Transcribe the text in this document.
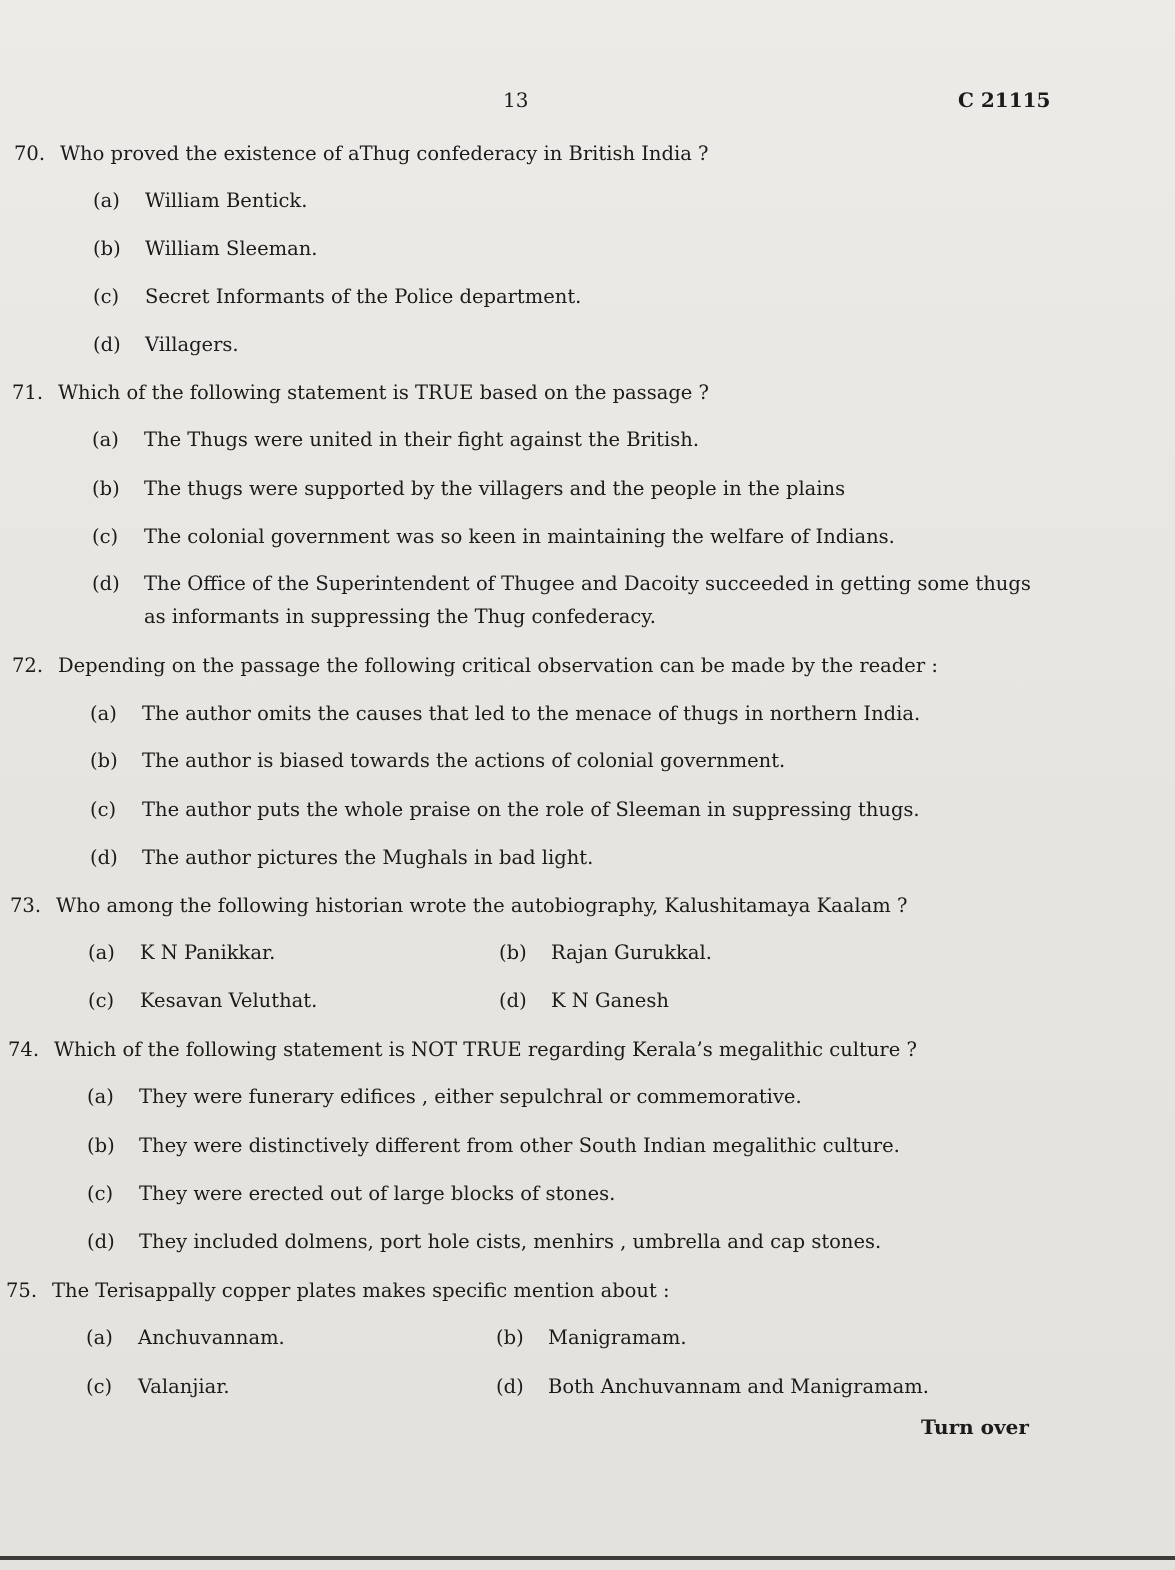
13	C 21115
70. Who proved the existence of aThug confederacy in British India ?
(a) William Bentick.
(b) William Sleeman.
(c) Secret Informants of the Police department.
(d) Villagers.
71. Which of the following statement is TRUE based on the passage ?
(a) The Thugs were united in their fight against the British.
(b) The thugs were supported by the villagers and the people in the plains
(c) The colonial government was so keen in maintaining the welfare of Indians.
(d) The Office of the Superintendent of Thugee and Dacoity succeeded in getting some thugs as informants in suppressing the Thug confederacy.
72. Depending on the passage the following critical observation can be made by the reader :
(a) The author omits the causes that led to the menace of thugs in northern India.
(b) The author is biased towards the actions of colonial government.
(c) The author puts the whole praise on the role of Sleeman in suppressing thugs.
(d) The author pictures the Mughals in bad light.
73. Who among the following historian wrote the autobiography, Kalushitamaya Kaalam ?
(a) K N Panikkar.	(b) Rajan Gurukkal.
(c) Kesavan Veluthat.	(d) K N Ganesh
74. Which of the following statement is NOT TRUE regarding Kerala’s megalithic culture ?
(a) They were funerary edifices , either sepulchral or commemorative.
(b) They were distinctively different from other South Indian megalithic culture.
(c) They were erected out of large blocks of stones.
(d) They included dolmens, port hole cists, menhirs , umbrella and cap stones.
75. The Terisappally copper plates makes specific mention about :
(a) Anchuvannam.	(b) Manigramam.
(c) Valanjiar.	(d) Both Anchuvannam and Manigramam.
Turn over
